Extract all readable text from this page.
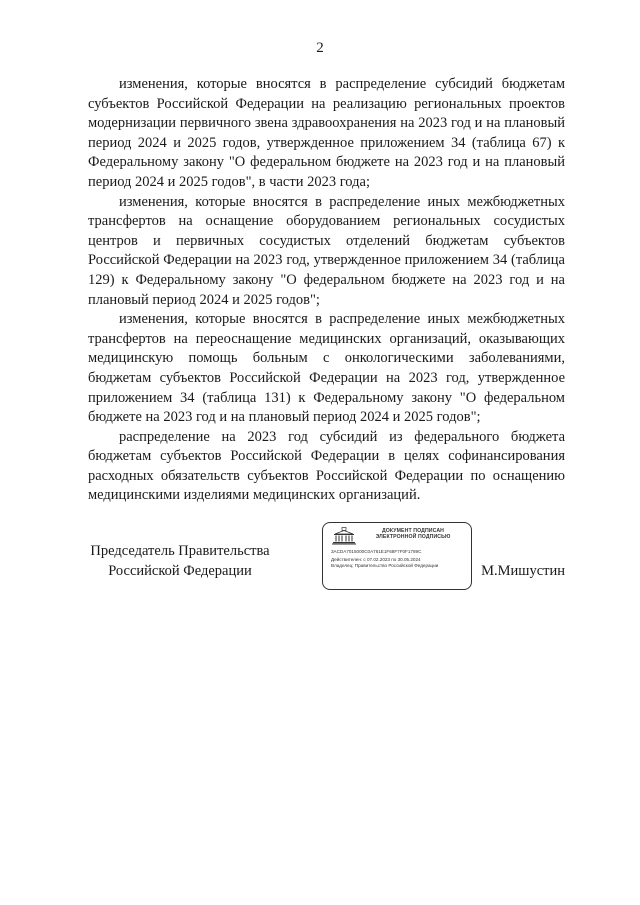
2

изменения, которые вносятся в распределение субсидий бюджетам субъектов Российской Федерации на реализацию региональных проектов модернизации первичного звена здравоохранения на 2023 год и на плановый период 2024 и 2025 годов, утвержденное приложением 34 (таблица 67) к Федеральному закону "О федеральном бюджете на 2023 год и на плановый период 2024 и 2025 годов", в части 2023 года;

изменения, которые вносятся в распределение иных межбюджетных трансфертов на оснащение оборудованием региональных сосудистых центров и первичных сосудистых отделений бюджетам субъектов Российской Федерации на 2023 год, утвержденное приложением 34 (таблица 129) к Федеральному закону "О федеральном бюджете на 2023 год и на плановый период 2024 и 2025 годов";

изменения, которые вносятся в распределение иных межбюджетных трансфертов на переоснащение медицинских организаций, оказывающих медицинскую помощь больным с онкологическими заболеваниями, бюджетам субъектов Российской Федерации на 2023 год, утвержденное приложением 34 (таблица 131) к Федеральному закону "О федеральном бюджете на 2023 год и на плановый период 2024 и 2025 годов";

распределение на 2023 год субсидий из федерального бюджета бюджетам субъектов Российской Федерации в целях софинансирования расходных обязательств субъектов Российской Федерации по оснащению медицинскими изделиями медицинских организаций.

Председатель Правительства
Российской Федерации
ДОКУМЕНТ ПОДПИСАН
ЭЛЕКТРОННОЙ ПОДПИСЬЮ
3ACDA7015000C0A761E1F68F7F0F1789C
Действителен: с 07.02.2023 по 30.05.2024
Владелец: Правительство Российской Федерации	М.Мишустин
